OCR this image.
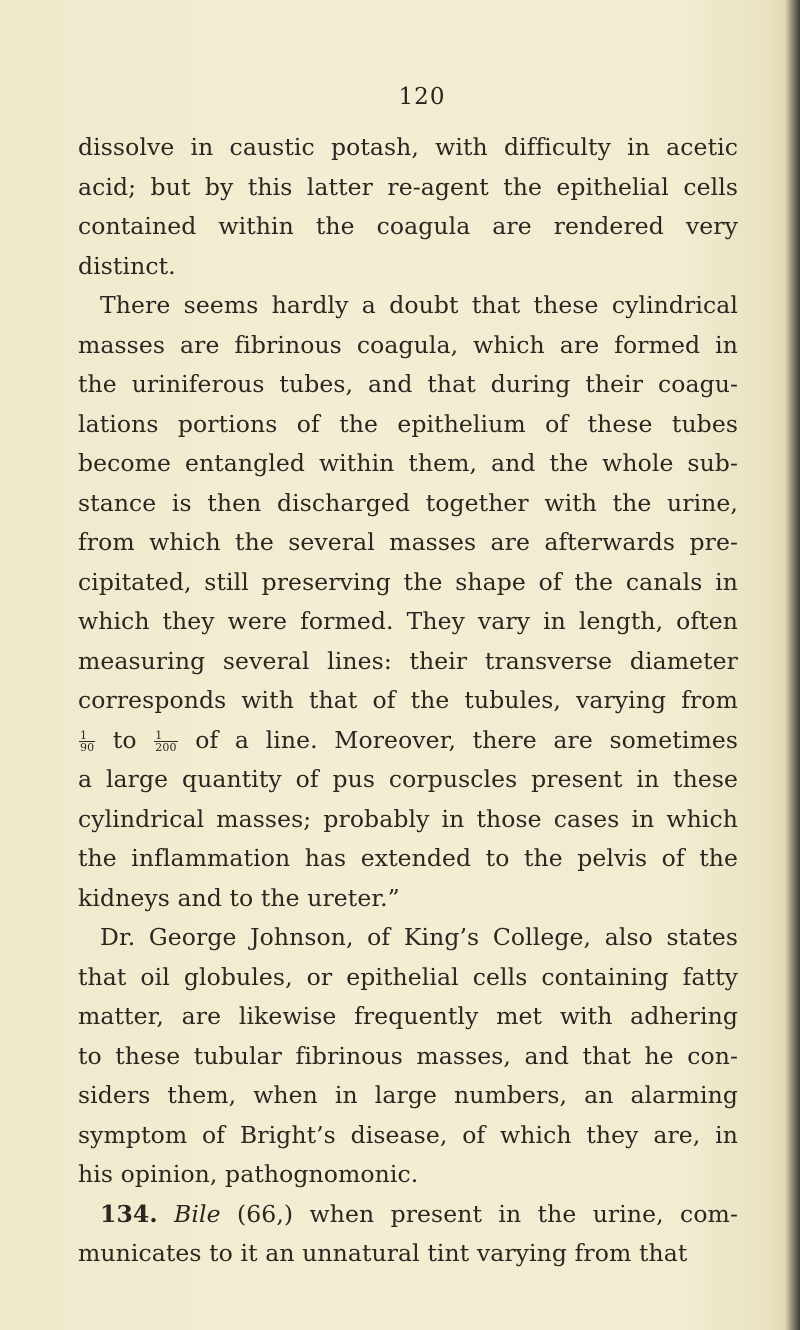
120
dissolve in caustic potash, with difficulty in acetic
acid; but by this latter re-agent the epithelial cells
contained within the coagula are rendered very
distinct.
There seems hardly a doubt that these cylindrical
masses are fibrinous coagula, which are formed in
the uriniferous tubes, and that during their coagu-
lations portions of the epithelium of these tubes
become entangled within them, and the whole sub-
stance is then discharged together with the urine,
from which the several masses are afterwards pre-
cipitated, still preserving the shape of the canals in
which they were formed. They vary in length, often
measuring several lines: their transverse diameter
corresponds with that of the tubules, varying from
$\frac{1}{90}$ to $\frac{1}{200}$ of a line. Moreover, there are sometimes
a large quantity of pus corpuscles present in these
cylindrical masses; probably in those cases in which
the inflammation has extended to the pelvis of the
kidneys and to the ureter.”
Dr. George Johnson, of King’s College, also states
that oil globules, or epithelial cells containing fatty
matter, are likewise frequently met with adhering
to these tubular fibrinous masses, and that he con-
siders them, when in large numbers, an alarming
symptom of Bright’s disease, of which they are, in
his opinion, pathognomonic.
134. Bile (66,) when present in the urine, com-
municates to it an unnatural tint varying from that
